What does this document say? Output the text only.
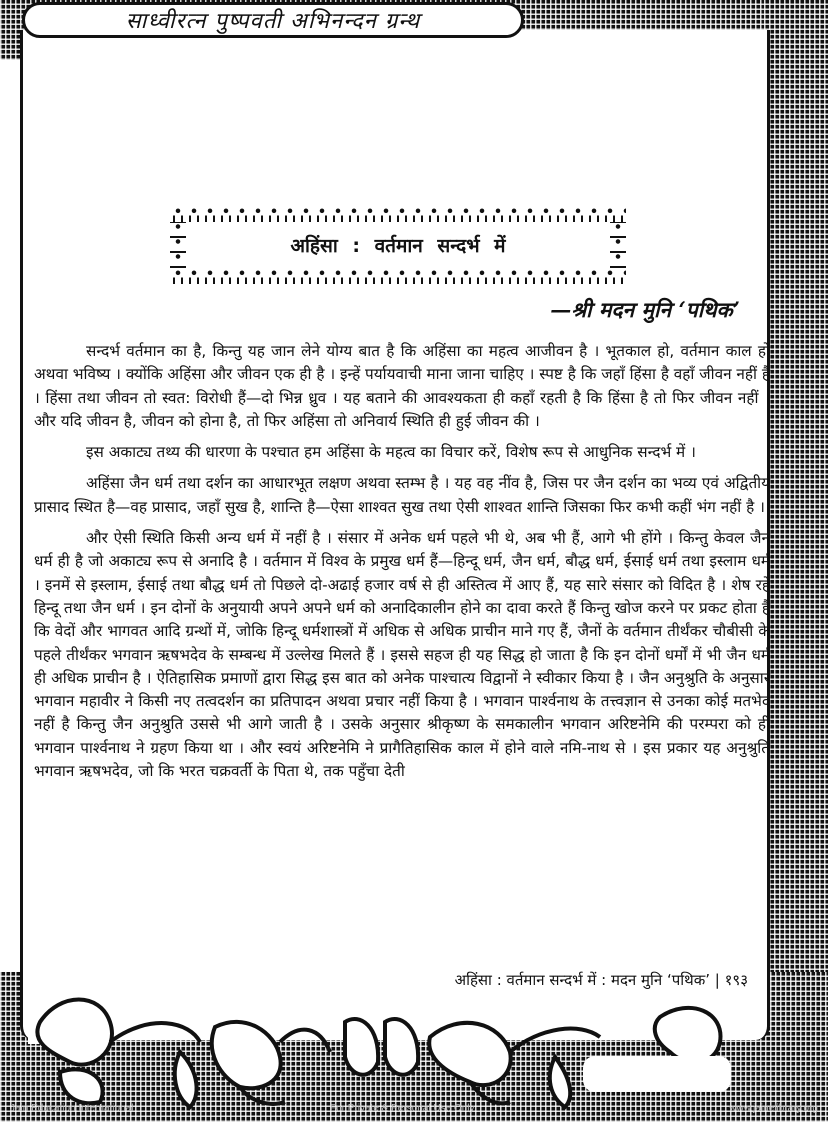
साध्वीरत्न पुष्पवती अभिनन्दन ग्रन्थ
अहिंसा : वर्तमान सन्दर्भ में
—श्री मदन मुनि ‘पथिक’

सन्दर्भ वर्तमान का है, किन्तु यह जान लेने योग्य बात है कि अहिंसा का महत्व आजीवन है । भूतकाल हो, वर्तमान काल हो अथवा भविष्य । क्योंकि अहिंसा और जीवन एक ही है । इन्हें पर्यायवाची माना जाना चाहिए । स्पष्ट है कि जहाँ हिंसा है वहाँ जीवन नहीं है । हिंसा तथा जीवन तो स्वत: विरोधी हैं—दो भिन्न ध्रुव । यह बताने की आवश्यकता ही कहाँ रहती है कि हिंसा है तो फिर जीवन नहीं । और यदि जीवन है, जीवन को होना है, तो फिर अहिंसा तो अनिवार्य स्थिति ही हुई जीवन की ।

इस अकाट्य तथ्य की धारणा के पश्चात हम अहिंसा के महत्व का विचार करें, विशेष रूप से आधुनिक सन्दर्भ में ।

अहिंसा जैन धर्म तथा दर्शन का आधारभूत लक्षण अथवा स्तम्भ है । यह वह नींव है, जिस पर जैन दर्शन का भव्य एवं अद्वितीय प्रासाद स्थित है—वह प्रासाद, जहाँ सुख है, शान्ति है—ऐसा शाश्वत सुख तथा ऐसी शाश्वत शान्ति जिसका फिर कभी कहीं भंग नहीं है ।

और ऐसी स्थिति किसी अन्य धर्म में नहीं है । संसार में अनेक धर्म पहले भी थे, अब भी हैं, आगे भी होंगे । किन्तु केवल जैन धर्म ही है जो अकाट्य रूप से अनादि है । वर्तमान में विश्व के प्रमुख धर्म हैं—हिन्दू धर्म, जैन धर्म, बौद्ध धर्म, ईसाई धर्म तथा इस्लाम धर्म । इनमें से इस्लाम, ईसाई तथा बौद्ध धर्म तो पिछले दो-अढाई हजार वर्ष से ही अस्तित्व में आए हैं, यह सारे संसार को विदित है । शेष रहे हिन्दू तथा जैन धर्म । इन दोनों के अनुयायी अपने अपने धर्म को अनादिकालीन होने का दावा करते हैं किन्तु खोज करने पर प्रकट होता है कि वेदों और भागवत आदि ग्रन्थों में, जोकि हिन्दू धर्मशास्त्रों में अधिक से अधिक प्राचीन माने गए हैं, जैनों के वर्तमान तीर्थंकर चौबीसी के पहले तीर्थंकर भगवान ऋषभदेव के सम्बन्ध में उल्लेख मिलते हैं । इससे सहज ही यह सिद्ध हो जाता है कि इन दोनों धर्मों में भी जैन धर्म ही अधिक प्राचीन है । ऐतिहासिक प्रमाणों द्वारा सिद्ध इस बात को अनेक पाश्चात्य विद्वानों ने स्वीकार किया है । जैन अनुश्रुति के अनुसार भगवान महावीर ने किसी नए तत्वदर्शन का प्रतिपादन अथवा प्रचार नहीं किया है । भगवान पार्श्वनाथ के तत्त्वज्ञान से उनका कोई मतभेद नहीं है किन्तु जैन अनुश्रुति उससे भी आगे जाती है । उसके अनुसार श्रीकृष्ण के समकालीन भगवान अरिष्टनेमि की परम्परा को ही भगवान पार्श्वनाथ ने ग्रहण किया था । और स्वयं अरिष्टनेमि ने प्रागैतिहासिक काल में होने वाले नमि-नाथ से । इस प्रकार यह अनुश्रुति भगवान ऋषभदेव, जो कि भरत चक्रवर्ती के पिता थे, तक पहुँचा देती

अहिंसा : वर्तमान सन्दर्भ में : मदन मुनि ‘पथिक’ | १९३
Jain Education International	For Private & Personal Use Only	www.jainelibrary.org
